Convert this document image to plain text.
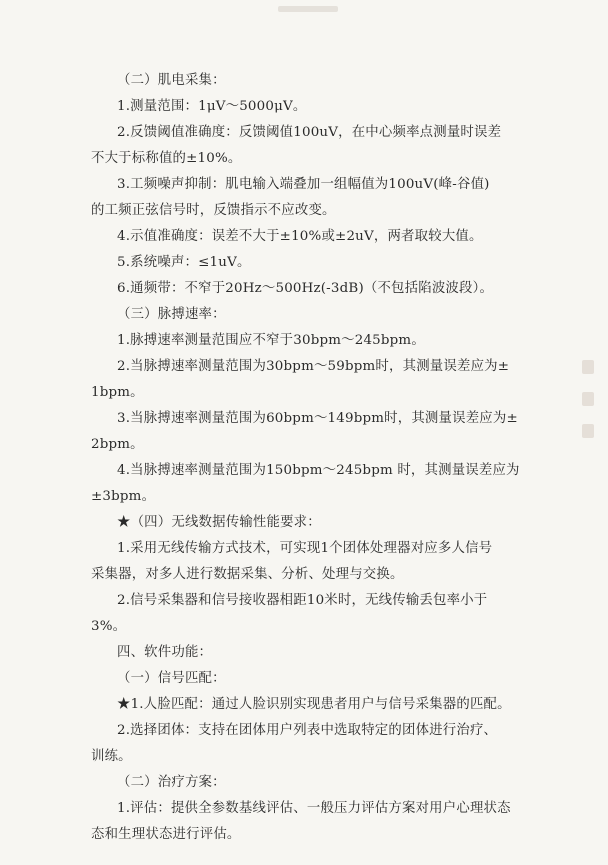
（二）肌电采集：
1.测量范围：1μV～5000μV。
2.反馈阈值准确度：反馈阈值100uV，在中心频率点测量时误差
不大于标称值的±10%。
3.工频噪声抑制：肌电输入端叠加一组幅值为100uV(峰-谷值)
的工频正弦信号时，反馈指示不应改变。
4.示值准确度：误差不大于±10%或±2uV，两者取较大值。
5.系统噪声：≤1uV。
6.通频带：不窄于20Hz～500Hz(-3dB)（不包括陷波波段）。
（三）脉搏速率：
1.脉搏速率测量范围应不窄于30bpm～245bpm。
2.当脉搏速率测量范围为30bpm～59bpm时，其测量误差应为±
1bpm。
3.当脉搏速率测量范围为60bpm～149bpm时，其测量误差应为±
2bpm。
4.当脉搏速率测量范围为150bpm～245bpm 时，其测量误差应为
±3bpm。
★（四）无线数据传输性能要求：
1.采用无线传输方式技术，可实现1个团体处理器对应多人信号
采集器，对多人进行数据采集、分析、处理与交换。
2.信号采集器和信号接收器相距10米时，无线传输丢包率小于
3%。
四、软件功能：
（一）信号匹配：
★1.人脸匹配：通过人脸识别实现患者用户与信号采集器的匹配。
2.选择团体：支持在团体用户列表中选取特定的团体进行治疗、
训练。
（二）治疗方案：
1.评估：提供全参数基线评估、一般压力评估方案对用户心理状态
态和生理状态进行评估。
